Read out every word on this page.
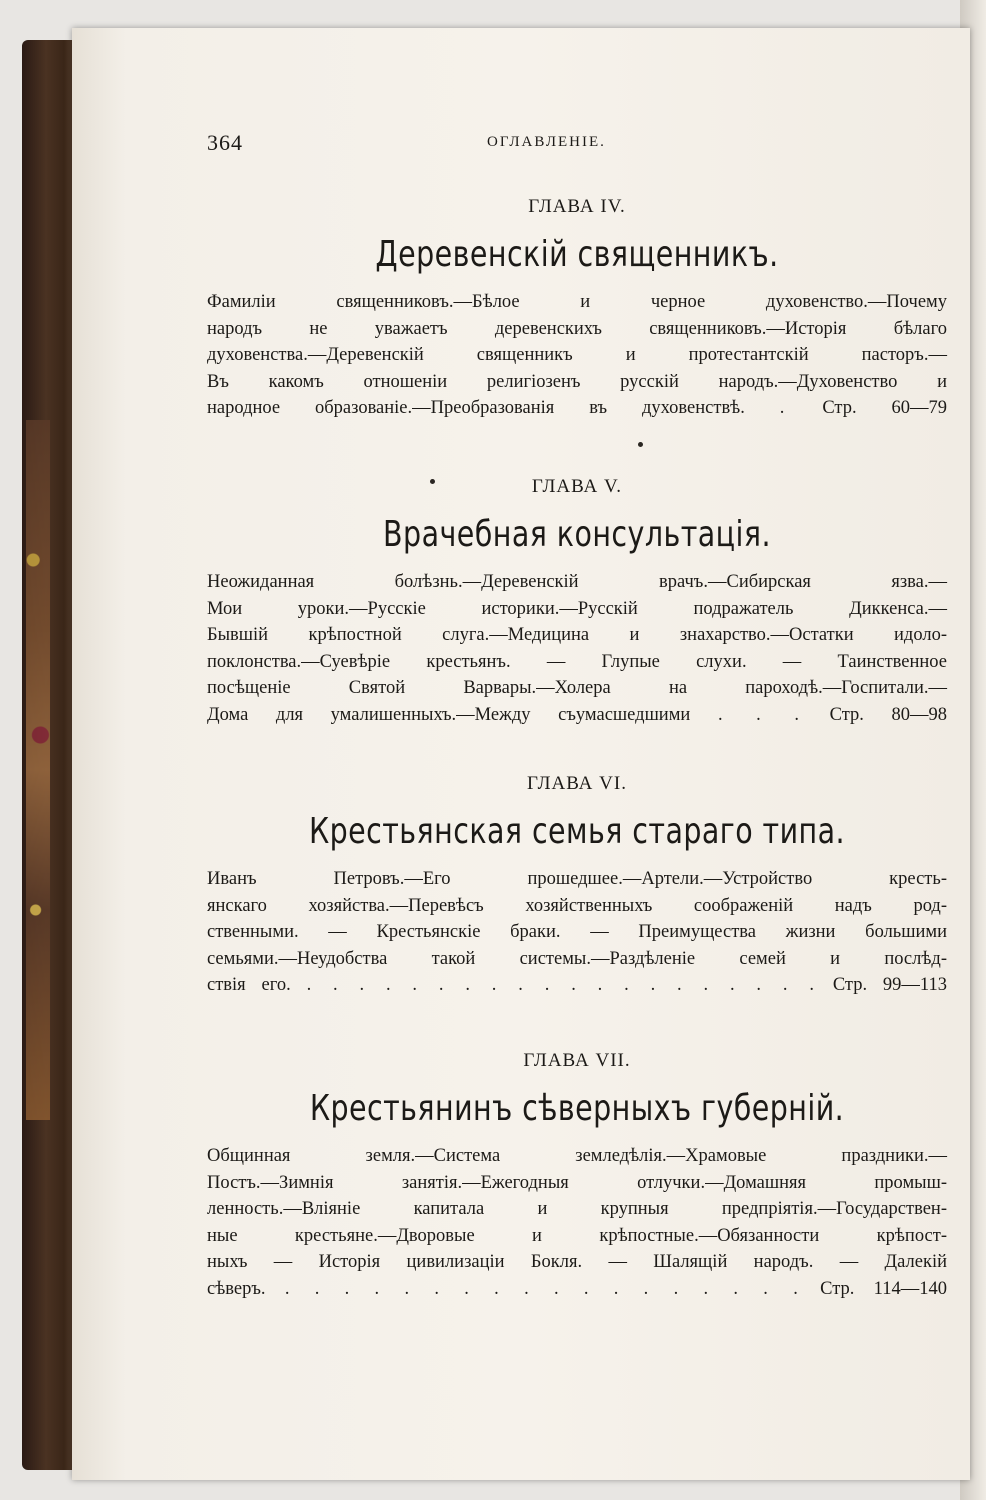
364	ОГЛАВЛЕНІЕ.
ГЛАВА IV.
Деревенскій священникъ.
Фамиліи священниковъ.—Бѣлое и черное духовенство.—Почему
народъ не уважаетъ деревенскихъ священниковъ.—Исторія бѣлаго
духовенства.—Деревенскій священникъ и протестантскій пасторъ.—
Въ какомъ отношеніи религіозенъ русскій народъ.—Духовенство и
народное образованіе.—Преобразованія въ духовенствѣ. . Стр. 60—79
ГЛАВА V.
Врачебная консультація.
Неожиданная болѣзнь.—Деревенскій врачъ.—Сибирская язва.—
Мои уроки.—Русскіе историки.—Русскій подражатель Диккенса.—
Бывшій крѣпостной слуга.—Медицина и знахарство.—Остатки идоло-
поклонства.—Суевѣріе крестьянъ. — Глупые слухи. — Таинственное
посѣщеніе Святой Варвары.—Холера на пароходѣ.—Госпитали.—
Дома для умалишенныхъ.—Между съумасшедшими . . . Стр. 80—98
ГЛАВА VI.
Крестьянская семья стараго типа.
Иванъ Петровъ.—Его прошедшее.—Артели.—Устройство кресть-
янскаго хозяйства.—Перевѣсъ хозяйственныхъ соображеній надъ род-
ственными. — Крестьянскіе браки. — Преимущества жизни большими
семьями.—Неудобства такой системы.—Раздѣленіе семей и послѣд-
ствія его. . . . . . . . . . . . . . . . . . . . . Стр. 99—113
ГЛАВА VII.
Крестьянинъ сѣверныхъ губерній.
Общинная земля.—Система земледѣлія.—Храмовые праздники.—
Постъ.—Зимнія занятія.—Ежегодныя отлучки.—Домашняя промыш-
ленность.—Вліяніе капитала и крупныя предпріятія.—Государствен-
ные крестьяне.—Дворовые и крѣпостные.—Обязанности крѣпост-
ныхъ — Исторія цивилизаціи Бокля. — Шалящій народъ. — Далекій
сѣверъ. . . . . . . . . . . . . . . . . . . Стр. 114—140
